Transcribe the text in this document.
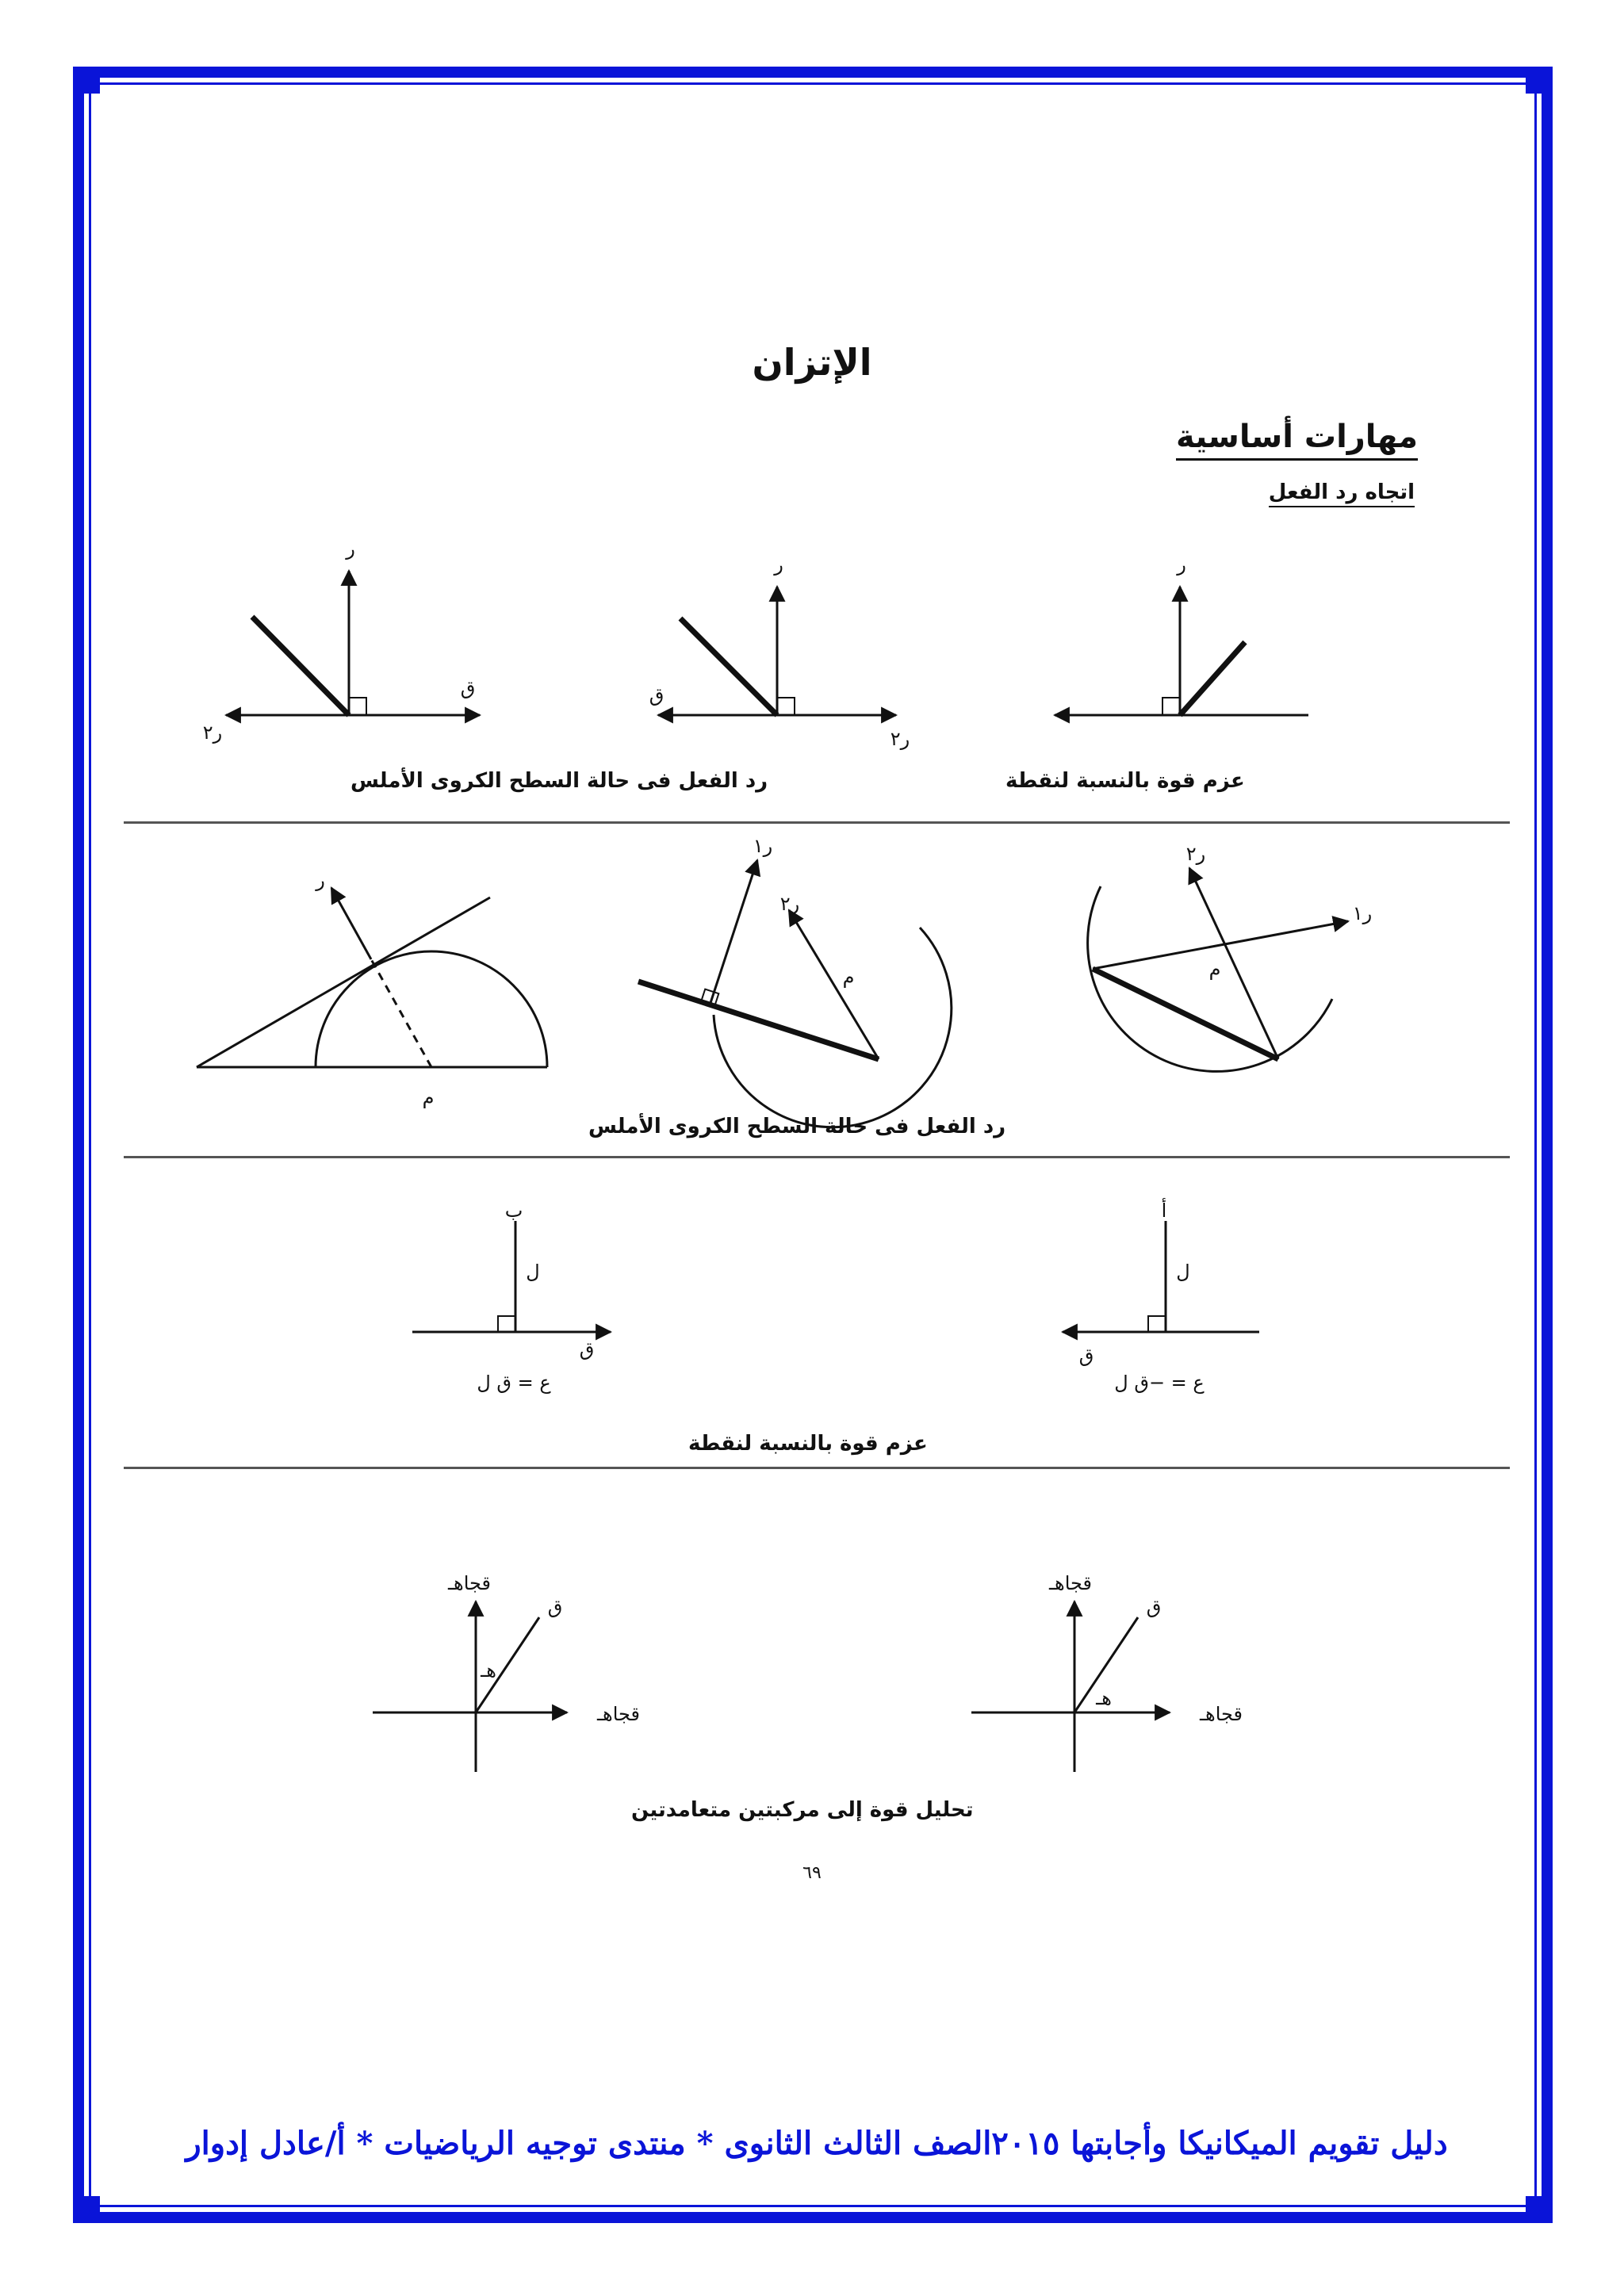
الإتزان
مهارات أساسية
اتجاه رد الفعل
ر
ر
ق
ر٢
ر
ق
ر٢
ر٢
ر١
م
ر١
ر٢
م
ر
م
أ
ل
ق
ع = −ق ل
ب
ل
ق
ع = ق ل
قجاهـ
قجاهـ
ق
هـ
قجاهـ
قجاهـ
ق
هـ
عزم قوة بالنسبة لنقطة
رد الفعل فى حالة السطح الكروى الأملس
رد الفعل فى حالة السطح الكروى الأملس
عزم قوة بالنسبة لنقطة
تحليل قوة إلى مركبتين متعامدتين
٦٩
دليل تقويم الميكانيكا وأجابتها ٢٠١٥الصف الثالث الثانوى * منتدى توجيه الرياضيات * أ/عادل إدوار
